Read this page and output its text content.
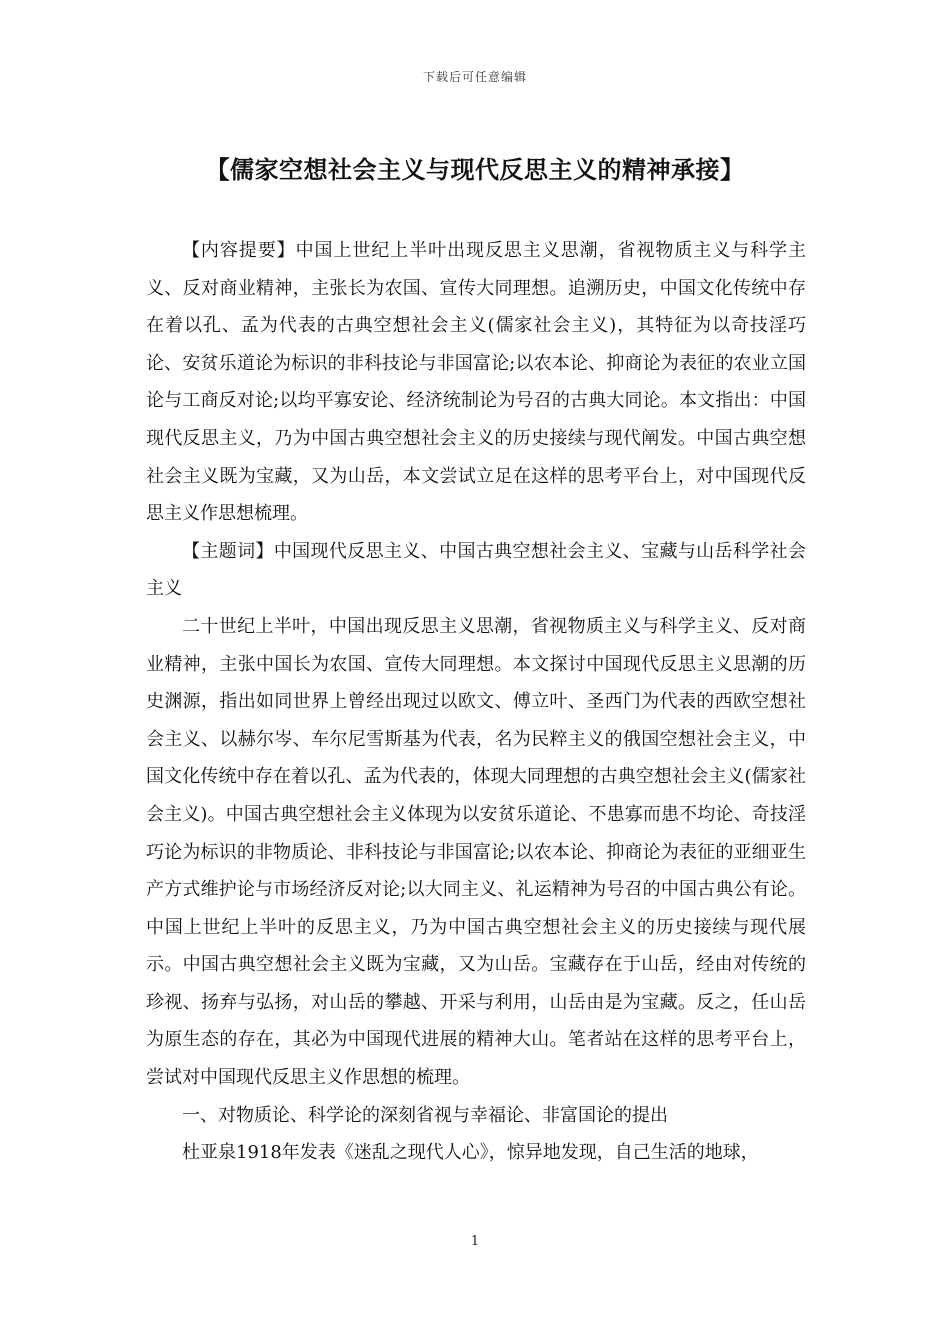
下载后可任意编辑
【儒家空想社会主义与现代反思主义的精神承接】

【内容提要】中国上世纪上半叶出现反思主义思潮，省视物质主义与科学主义、反对商业精神，主张长为农国、宣传大同理想。追溯历史，中国文化传统中存在着以孔、孟为代表的古典空想社会主义(儒家社会主义)，其特征为以奇技淫巧论、安贫乐道论为标识的非科技论与非国富论;以农本论、抑商论为表征的农业立国论与工商反对论;以均平寡安论、经济统制论为号召的古典大同论。本文指出：中国现代反思主义，乃为中国古典空想社会主义的历史接续与现代阐发。中国古典空想社会主义既为宝藏，又为山岳，本文尝试立足在这样的思考平台上，对中国现代反思主义作思想梳理。

【主题词】中国现代反思主义、中国古典空想社会主义、宝藏与山岳科学社会主义

二十世纪上半叶，中国出现反思主义思潮，省视物质主义与科学主义、反对商业精神，主张中国长为农国、宣传大同理想。本文探讨中国现代反思主义思潮的历史渊源，指出如同世界上曾经出现过以欧文、傅立叶、圣西门为代表的西欧空想社会主义、以赫尔岑、车尔尼雪斯基为代表，名为民粹主义的俄国空想社会主义，中国文化传统中存在着以孔、孟为代表的，体现大同理想的古典空想社会主义(儒家社会主义)。中国古典空想社会主义体现为以安贫乐道论、不患寡而患不均论、奇技淫巧论为标识的非物质论、非科技论与非国富论;以农本论、抑商论为表征的亚细亚生产方式维护论与市场经济反对论;以大同主义、礼运精神为号召的中国古典公有论。中国上世纪上半叶的反思主义，乃为中国古典空想社会主义的历史接续与现代展示。中国古典空想社会主义既为宝藏，又为山岳。宝藏存在于山岳，经由对传统的珍视、扬弃与弘扬，对山岳的攀越、开采与利用，山岳由是为宝藏。反之，任山岳为原生态的存在，其必为中国现代进展的精神大山。笔者站在这样的思考平台上，尝试对中国现代反思主义作思想的梳理。

一、对物质论、科学论的深刻省视与幸福论、非富国论的提出

杜亚泉1918年发表《迷乱之现代人心》，惊异地发现，自己生活的地球，

1
